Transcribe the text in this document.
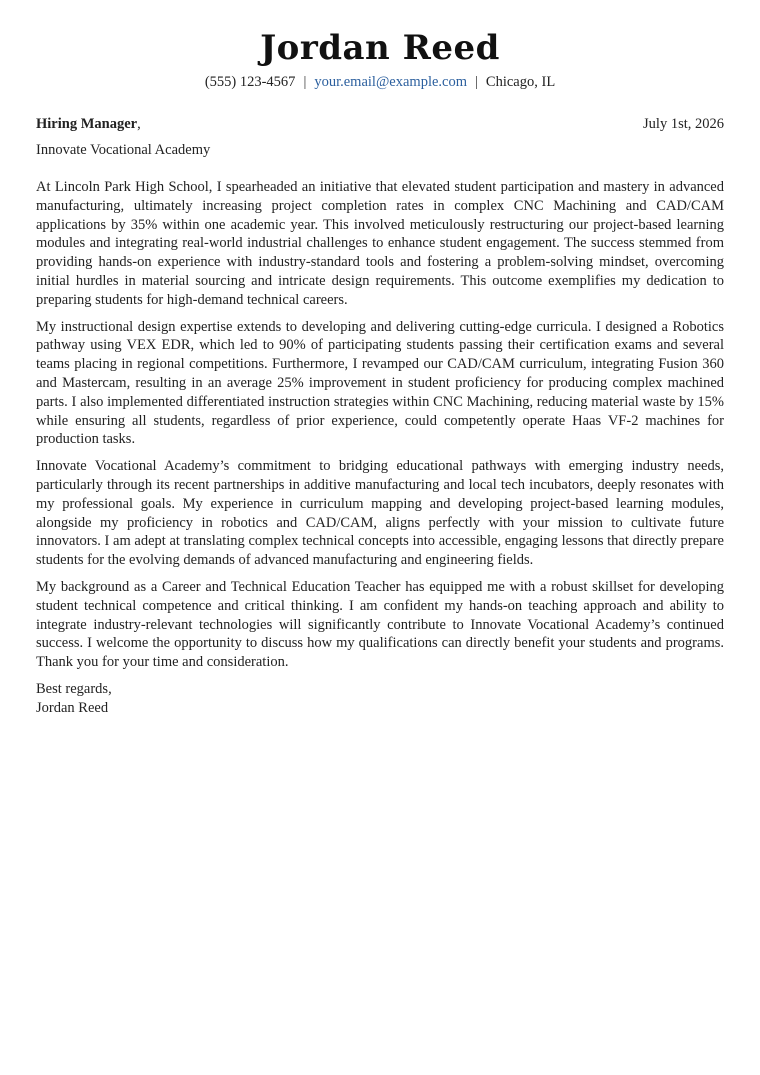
Jordan Reed
(555) 123-4567 | your.email@example.com | Chicago, IL
Hiring Manager,	July 1st, 2026
Innovate Vocational Academy

At Lincoln Park High School, I spearheaded an initiative that elevated student participation and mastery in advanced manufacturing, ultimately increasing project completion rates in complex CNC Machining and CAD/CAM applications by 35% within one academic year. This involved meticulously restructuring our project-based learning modules and integrating real-world industrial challenges to enhance student engagement. The success stemmed from providing hands-on experience with industry-standard tools and fostering a problem-solving mindset, overcoming initial hurdles in material sourcing and intricate design requirements. This outcome exemplifies my dedication to preparing students for high-demand technical careers.

My instructional design expertise extends to developing and delivering cutting-edge curricula. I designed a Robotics pathway using VEX EDR, which led to 90% of participating students passing their certification exams and several teams placing in regional competitions. Furthermore, I revamped our CAD/CAM curriculum, integrating Fusion 360 and Mastercam, resulting in an average 25% improvement in student proficiency for producing complex machined parts. I also implemented differentiated instruction strategies within CNC Machining, reducing material waste by 15% while ensuring all students, regardless of prior experience, could competently operate Haas VF-2 machines for production tasks.

Innovate Vocational Academy’s commitment to bridging educational pathways with emerging industry needs, particularly through its recent partnerships in additive manufacturing and local tech incubators, deeply resonates with my professional goals. My experience in curriculum mapping and developing project-based learning modules, alongside my proficiency in robotics and CAD/CAM, aligns perfectly with your mission to cultivate future innovators. I am adept at translating complex technical concepts into accessible, engaging lessons that directly prepare students for the evolving demands of advanced manufacturing and engineering fields.

My background as a Career and Technical Education Teacher has equipped me with a robust skillset for developing student technical competence and critical thinking. I am confident my hands-on teaching approach and ability to integrate industry-relevant technologies will significantly contribute to Innovate Vocational Academy’s continued success. I welcome the opportunity to discuss how my qualifications can directly benefit your students and programs. Thank you for your time and consideration.

Best regards,
Jordan Reed
